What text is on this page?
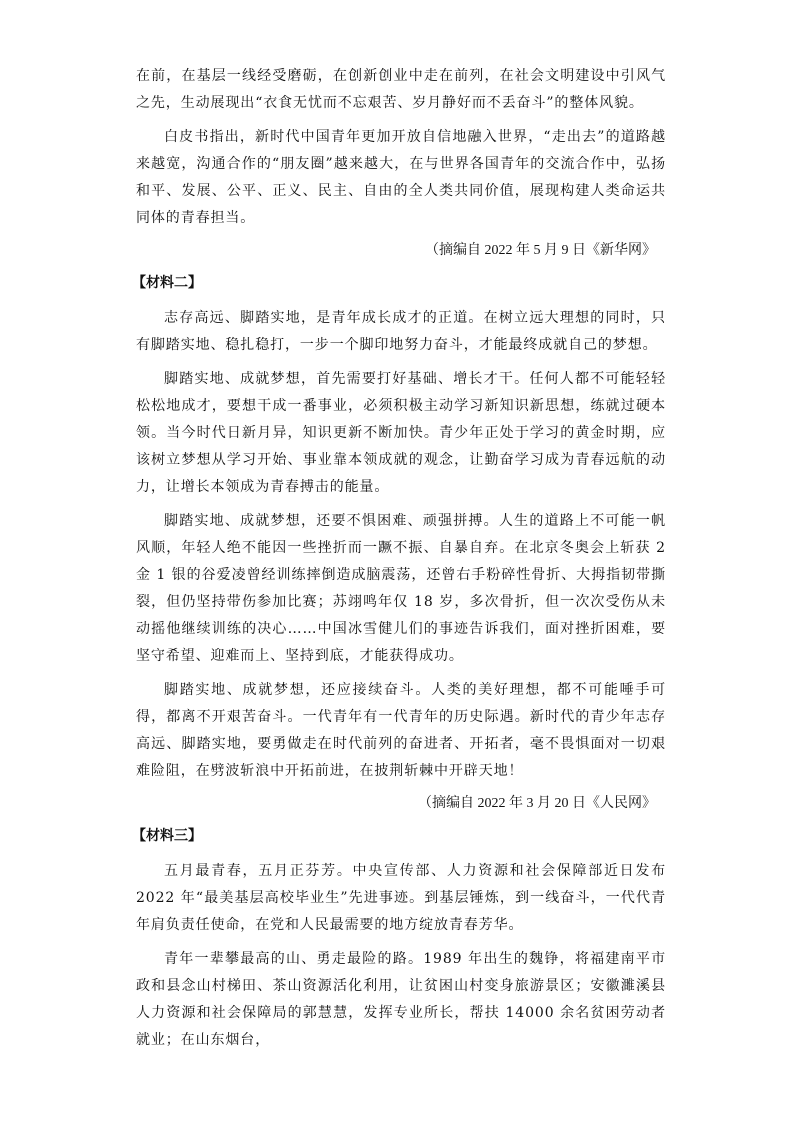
在前，在基层一线经受磨砺，在创新创业中走在前列，在社会文明建设中引风气之先，生动展现出“衣食无忧而不忘艰苦、岁月静好而不丢奋斗”的整体风貌。

白皮书指出，新时代中国青年更加开放自信地融入世界，“走出去”的道路越来越宽，沟通合作的“朋友圈”越来越大，在与世界各国青年的交流合作中，弘扬和平、发展、公平、正义、民主、自由的全人类共同价值，展现构建人类命运共同体的青春担当。

（摘编自 2022 年 5 月 9 日《新华网》
【材料二】

志存高远、脚踏实地，是青年成长成才的正道。在树立远大理想的同时，只有脚踏实地、稳扎稳打，一步一个脚印地努力奋斗，才能最终成就自己的梦想。

脚踏实地、成就梦想，首先需要打好基础、增长才干。任何人都不可能轻轻松松地成才，要想干成一番事业，必须积极主动学习新知识新思想，练就过硬本领。当今时代日新月异，知识更新不断加快。青少年正处于学习的黄金时期，应该树立梦想从学习开始、事业靠本领成就的观念，让勤奋学习成为青春远航的动力，让增长本领成为青春搏击的能量。

脚踏实地、成就梦想，还要不惧困难、顽强拼搏。人生的道路上不可能一帆风顺，年轻人绝不能因一些挫折而一蹶不振、自暴自弃。在北京冬奥会上斩获 2 金 1 银的谷爱凌曾经训练摔倒造成脑震荡，还曾右手粉碎性骨折、大拇指韧带撕裂，但仍坚持带伤参加比赛；苏翊鸣年仅 18 岁，多次骨折，但一次次受伤从未动摇他继续训练的决心……中国冰雪健儿们的事迹告诉我们，面对挫折困难，要坚守希望、迎难而上、坚持到底，才能获得成功。

脚踏实地、成就梦想，还应接续奋斗。人类的美好理想，都不可能唾手可得，都离不开艰苦奋斗。一代青年有一代青年的历史际遇。新时代的青少年志存高远、脚踏实地，要勇做走在时代前列的奋进者、开拓者，毫不畏惧面对一切艰难险阻，在劈波斩浪中开拓前进，在披荆斩棘中开辟天地！

（摘编自 2022 年 3 月 20 日《人民网》
【材料三】

五月最青春，五月正芬芳。中央宣传部、人力资源和社会保障部近日发布 2022 年“最美基层高校毕业生”先进事迹。到基层锤炼，到一线奋斗，一代代青年肩负责任使命，在党和人民最需要的地方绽放青春芳华。

青年一辈攀最高的山、勇走最险的路。1989 年出生的魏铮，将福建南平市政和县念山村梯田、茶山资源活化利用，让贫困山村变身旅游景区；安徽濉溪县人力资源和社会保障局的郭慧慧，发挥专业所长，帮扶 14000 余名贫困劳动者就业；在山东烟台，
